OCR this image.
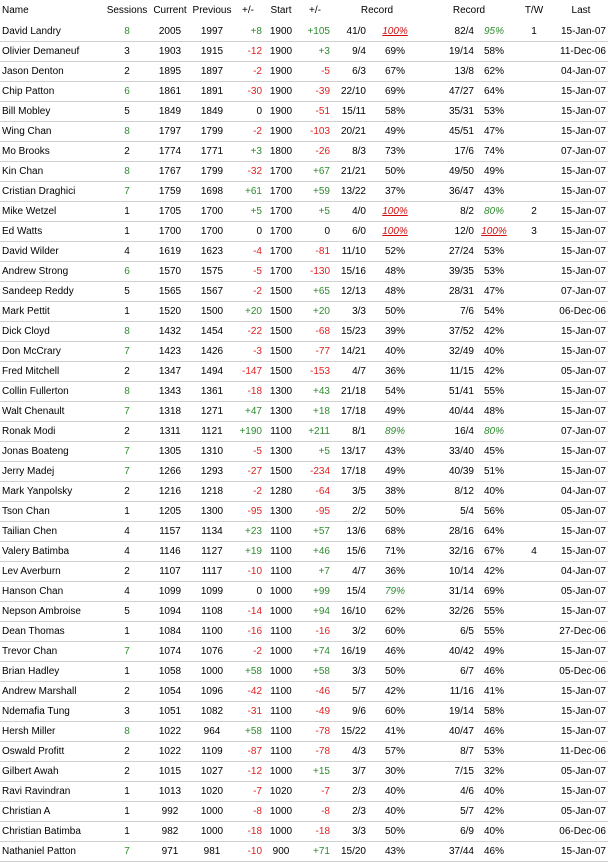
Name	Sessions	Current	Previous	+/-	Start	+/-	Record		Record		T/W	Last
David Landry	8	2005	1997	+8	1900	+105	41/0	100%	82/4	95%	1	15-Jan-07
Olivier Demaneuf	3	1903	1915	-12	1900	+3	9/4	69%	19/14	58%		11-Dec-06
Jason Denton	2	1895	1897	-2	1900	-5	6/3	67%	13/8	62%		04-Jan-07
Chip Patton	6	1861	1891	-30	1900	-39	22/10	69%	47/27	64%		15-Jan-07
Bill Mobley	5	1849	1849	0	1900	-51	15/11	58%	35/31	53%		15-Jan-07
Wing Chan	8	1797	1799	-2	1900	-103	20/21	49%	45/51	47%		15-Jan-07
Mo Brooks	2	1774	1771	+3	1800	-26	8/3	73%	17/6	74%		07-Jan-07
Kin Chan	8	1767	1799	-32	1700	+67	21/21	50%	49/50	49%		15-Jan-07
Cristian Draghici	7	1759	1698	+61	1700	+59	13/22	37%	36/47	43%		15-Jan-07
Mike Wetzel	1	1705	1700	+5	1700	+5	4/0	100%	8/2	80%	2	15-Jan-07
Ed Watts	1	1700	1700	0	1700	0	6/0	100%	12/0	100%	3	15-Jan-07
David Wilder	4	1619	1623	-4	1700	-81	11/10	52%	27/24	53%		15-Jan-07
Andrew Strong	6	1570	1575	-5	1700	-130	15/16	48%	39/35	53%		15-Jan-07
Sandeep Reddy	5	1565	1567	-2	1500	+65	12/13	48%	28/31	47%		07-Jan-07
Mark Pettit	1	1520	1500	+20	1500	+20	3/3	50%	7/6	54%		06-Dec-06
Dick Cloyd	8	1432	1454	-22	1500	-68	15/23	39%	37/52	42%		15-Jan-07
Don McCrary	7	1423	1426	-3	1500	-77	14/21	40%	32/49	40%		15-Jan-07
Fred Mitchell	2	1347	1494	-147	1500	-153	4/7	36%	11/15	42%		05-Jan-07
Collin Fullerton	8	1343	1361	-18	1300	+43	21/18	54%	51/41	55%		15-Jan-07
Walt Chenault	7	1318	1271	+47	1300	+18	17/18	49%	40/44	48%		15-Jan-07
Ronak Modi	2	1311	1121	+190	1100	+211	8/1	89%	16/4	80%		07-Jan-07
Jonas Boateng	7	1305	1310	-5	1300	+5	13/17	43%	33/40	45%		15-Jan-07
Jerry Madej	7	1266	1293	-27	1500	-234	17/18	49%	40/39	51%		15-Jan-07
Mark Yanpolsky	2	1216	1218	-2	1280	-64	3/5	38%	8/12	40%		04-Jan-07
Tson Chan	1	1205	1300	-95	1300	-95	2/2	50%	5/4	56%		05-Jan-07
Tailian Chen	4	1157	1134	+23	1100	+57	13/6	68%	28/16	64%		15-Jan-07
Valery Batimba	4	1146	1127	+19	1100	+46	15/6	71%	32/16	67%	4	15-Jan-07
Lev Averburn	2	1107	1117	-10	1100	+7	4/7	36%	10/14	42%		04-Jan-07
Hanson Chan	4	1099	1099	0	1000	+99	15/4	79%	31/14	69%		05-Jan-07
Nepson Ambroise	5	1094	1108	-14	1000	+94	16/10	62%	32/26	55%		15-Jan-07
Dean Thomas	1	1084	1100	-16	1100	-16	3/2	60%	6/5	55%		27-Dec-06
Trevor Chan	7	1074	1076	-2	1000	+74	16/19	46%	40/42	49%		15-Jan-07
Brian Hadley	1	1058	1000	+58	1000	+58	3/3	50%	6/7	46%		05-Dec-06
Andrew Marshall	2	1054	1096	-42	1100	-46	5/7	42%	11/16	41%		15-Jan-07
Ndemafia Tung	3	1051	1082	-31	1100	-49	9/6	60%	19/14	58%		15-Jan-07
Hersh Miller	8	1022	964	+58	1100	-78	15/22	41%	40/47	46%		15-Jan-07
Oswald Profitt	2	1022	1109	-87	1100	-78	4/3	57%	8/7	53%		11-Dec-06
Gilbert Awah	2	1015	1027	-12	1000	+15	3/7	30%	7/15	32%		05-Jan-07
Ravi Ravindran	1	1013	1020	-7	1020	-7	2/3	40%	4/6	40%		15-Jan-07
Christian A	1	992	1000	-8	1000	-8	2/3	40%	5/7	42%		05-Jan-07
Christian Batimba	1	982	1000	-18	1000	-18	3/3	50%	6/9	40%		06-Dec-06
Nathaniel Patton	7	971	981	-10	900	+71	15/20	43%	37/44	46%		15-Jan-07
